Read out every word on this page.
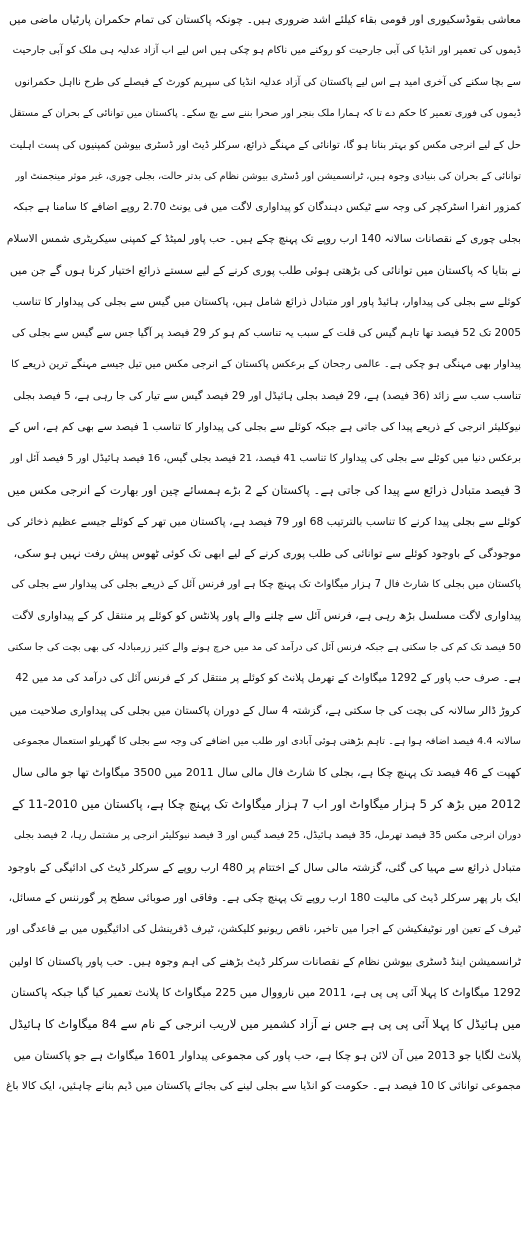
معاشی بقوڈسکیوری اور قومی بقاء کیلئے اشد ضروری ہیں۔ چونکہ پاکستان کی تمام حکمران پارٹیاں ماضی میں
ڈیموں کی تعمیر اور انڈیا کی آبی جارحیت کو روکنے میں ناکام ہو چکی ہیں اس لیے اب آزاد عدلیہ ہی ملک کو آبی جارحیت
سے بچا سکنے کی آخری امید ہے اس لیے پاکستان کی آزاد عدلیہ انڈیا کی سپریم کورٹ کے فیصلے کی طرح نااہل حکمرانوں
ڈیموں کی فوری تعمیر کا حکم دے تا کہ ہمارا ملک بنجر اور صحرا بننے سے بچ سکے۔ پاکستان میں توانائی کے بحران کے مستقل
حل کے لیے انرجی مکس کو بہتر بنانا ہو گا، توانائی کے مہنگے ذرائع، سرکلر ڈیٹ اور ڈسٹری بیوشن کمپنیوں کی پست اہلیت
توانائی کے بحران کی بنیادی وجوہ ہیں، ٹرانسمیشن اور ڈسٹری بیوشن نظام کی بدتر حالت، بجلی چوری، غیر موثر مینجمنٹ اور
کمزور انفرا اسٹرکچر کی وجہ سے ٹیکس دہندگان کو پیداواری لاگت میں فی یونٹ 2.70 روپے اضافے کا سامنا ہے جبکہ
بجلی چوری کے نقصانات سالانہ 140 ارب روپے تک پہنچ چکے ہیں۔ حب پاور لمیٹڈ کے کمپنی سیکریٹری شمس الاسلام
نے بتایا کہ پاکستان میں توانائی کی بڑھتی ہوئی طلب پوری کرنے کے لیے سستے ذرائع اختیار کرنا ہوں گے جن میں
کوئلے سے بجلی کی پیداوار، ہائیڈ پاور اور متبادل ذرائع شامل ہیں، پاکستان میں گیس سے بجلی کی پیداوار کا تناسب
2005 تک 52 فیصد تھا تاہم گیس کی قلت کے سبب یہ تناسب کم ہو کر 29 فیصد پر آگیا جس سے گیس سے بجلی کی
پیداوار بھی مہنگی ہو چکی ہے۔ عالمی رجحان کے برعکس پاکستان کے انرجی مکس میں تیل جیسے مہنگے ترین ذریعے کا
تناسب سب سے زائد (36 فیصد) ہے، 29 فیصد بجلی ہائیڈل اور 29 فیصد گیس سے تیار کی جا رہی ہے، 5 فیصد بجلی
نیوکلیئر انرجی کے ذریعے پیدا کی جاتی ہے جبکہ کوئلے سے بجلی کی پیداوار کا تناسب 1 فیصد سے بھی کم ہے، اس کے
برعکس دنیا میں کوئلے سے بجلی کی پیداوار کا تناسب 41 فیصد، 21 فیصد بجلی گیس، 16 فیصد ہائیڈل اور 5 فیصد آئل اور
3 فیصد متبادل ذرائع سے پیدا کی جاتی ہے۔ پاکستان کے 2 بڑے ہمسائے چین اور بھارت کے انرجی مکس میں
کوئلے سے بجلی پیدا کرنے کا تناسب بالترتیب 68 اور 79 فیصد ہے، پاکستان میں تھر کے کوئلے جیسے عظیم ذخائر کی
موجودگی کے باوجود کوئلے سے توانائی کی طلب پوری کرنے کے لیے ابھی تک کوئی ٹھوس پیش رفت نہیں ہو سکی،
پاکستان میں بجلی کا شارٹ فال 7 ہزار میگاواٹ تک پہنچ چکا ہے اور فرنس آئل کے ذریعے بجلی کی پیداوار سے بجلی کی
پیداواری لاگت مسلسل بڑھ رہی ہے، فرنس آئل سے چلنے والے پاور پلانٹس کو کوئلے پر منتقل کر کے پیداواری لاگت
50 فیصد تک کم کی جا سکتی ہے جبکہ فرنس آئل کی درآمد کی مد میں خرچ ہونے والے کثیر زرمبادلہ کی بھی بچت کی جا سکتی
ہے۔ صرف حب پاور کے 1292 میگاواٹ کے تھرمل پلانٹ کو کوئلے پر منتقل کر کے فرنس آئل کی درآمد کی مد میں 42
کروڑ ڈالر سالانہ کی بچت کی جا سکتی ہے، گزشتہ 4 سال کے دوران پاکستان میں بجلی کی پیداواری صلاحیت میں
سالانہ 4.4 فیصد اضافہ ہوا ہے۔ تاہم بڑھتی ہوئی آبادی اور طلب میں اضافے کی وجہ سے بجلی کا گھریلو استعمال مجموعی
کھپت کے 46 فیصد تک پہنچ چکا ہے، بجلی کا شارٹ فال مالی سال 2011 میں 3500 میگاواٹ تھا جو مالی سال
2012 میں بڑھ کر 5 ہزار میگاواٹ اور اب 7 ہزار میگاواٹ تک پہنچ چکا ہے، پاکستان میں 2010-11 کے
دوران انرجی مکس 35 فیصد تھرمل، 35 فیصد ہائیڈل، 25 فیصد گیس اور 3 فیصد نیوکلیئر انرجی پر مشتمل رہا، 2 فیصد بجلی
متبادل ذرائع سے مہیا کی گئی، گزشتہ مالی سال کے اختتام پر 480 ارب روپے کے سرکلر ڈیٹ کی ادائیگی کے باوجود
ایک بار پھر سرکلر ڈیٹ کی مالیت 180 ارب روپے تک پہنچ چکی ہے۔ وفاقی اور صوبائی سطح پر گورننس کے مسائل،
ٹیرف کے تعین اور نوٹیفکیشن کے اجرا میں تاخیر، ناقص ریونیو کلیکشن، ٹیرف ڈفرینشل کی ادائیگیوں میں بے قاعدگی اور
ٹرانسمیشن اینڈ ڈسٹری بیوشن نظام کے نقصانات سرکلر ڈیٹ بڑھنے کی اہم وجوہ ہیں۔ حب پاور پاکستان کا اولین
1292 میگاواٹ کا پہلا آئی پی پی ہے، 2011 میں نارووال میں 225 میگاواٹ کا پلانٹ تعمیر کیا گیا جبکہ پاکستان
میں ہائیڈل کا پہلا آئی پی پی ہے جس نے آزاد کشمیر میں لاریب انرجی کے نام سے 84 میگاواٹ کا ہائیڈل
پلانٹ لگایا جو 2013 میں آن لائن ہو چکا ہے، حب پاور کی مجموعی پیداوار 1601 میگاواٹ ہے جو پاکستان میں
مجموعی توانائی کا 10 فیصد ہے۔ حکومت کو انڈیا سے بجلی لینے کی بجائے پاکستان میں ڈیم بنانے چاہئیں، ایک کالا باغ
